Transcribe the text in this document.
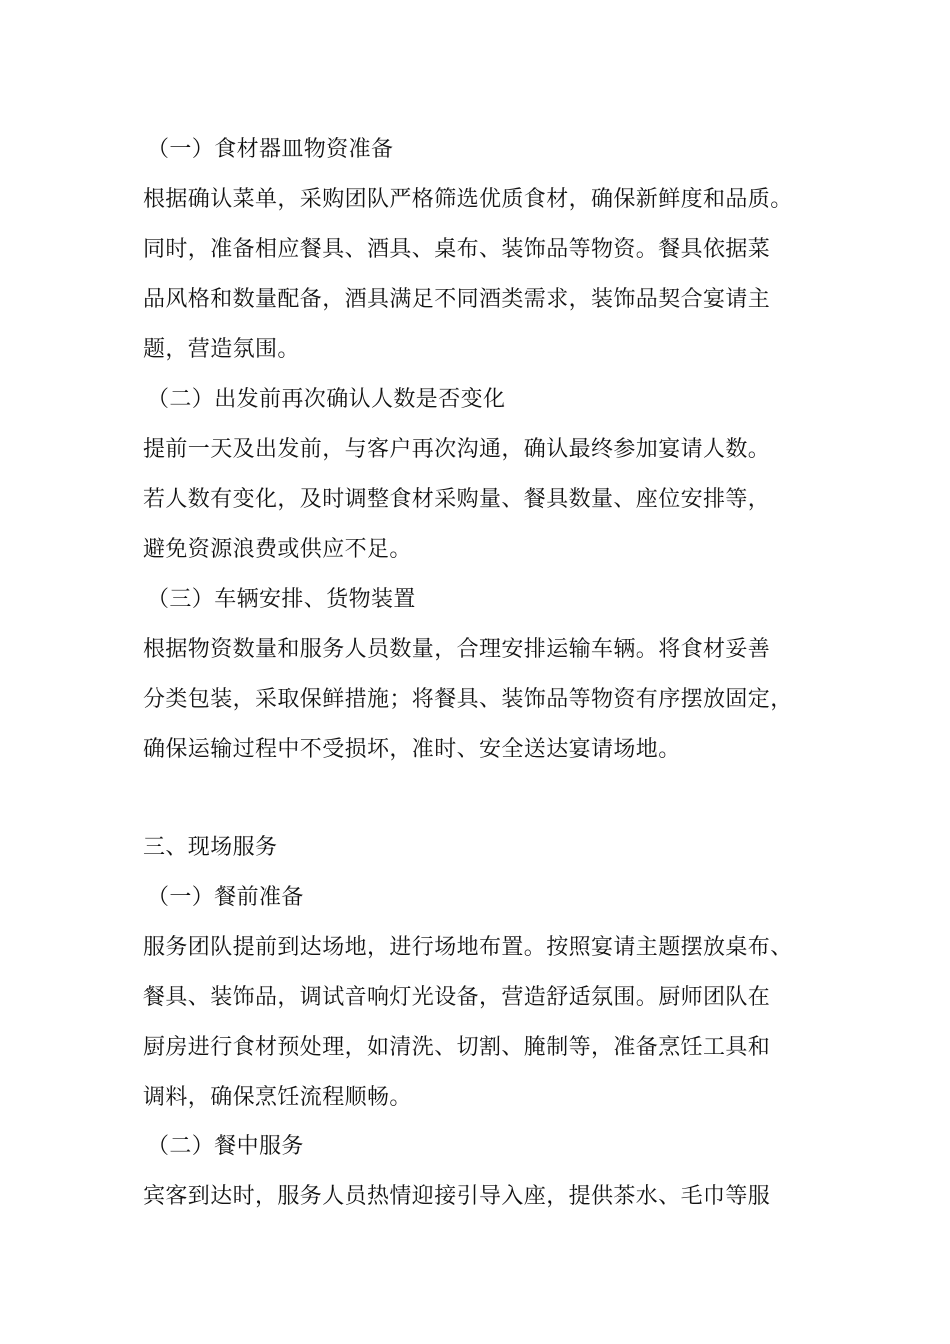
（一）食材器皿物资准备
根据确认菜单，采购团队严格筛选优质食材，确保新鲜度和品质。
同时，准备相应餐具、酒具、桌布、装饰品等物资。餐具依据菜
品风格和数量配备，酒具满足不同酒类需求，装饰品契合宴请主
题，营造氛围。
（二）出发前再次确认人数是否变化
提前一天及出发前，与客户再次沟通，确认最终参加宴请人数。
若人数有变化，及时调整食材采购量、餐具数量、座位安排等，
避免资源浪费或供应不足。
（三）车辆安排、货物装置
根据物资数量和服务人员数量，合理安排运输车辆。将食材妥善
分类包装，采取保鲜措施；将餐具、装饰品等物资有序摆放固定，
确保运输过程中不受损坏，准时、安全送达宴请场地。
三、现场服务
（一）餐前准备
服务团队提前到达场地，进行场地布置。按照宴请主题摆放桌布、
餐具、装饰品，调试音响灯光设备，营造舒适氛围。厨师团队在
厨房进行食材预处理，如清洗、切割、腌制等，准备烹饪工具和
调料，确保烹饪流程顺畅。
（二）餐中服务
宾客到达时，服务人员热情迎接引导入座，提供茶水、毛巾等服
